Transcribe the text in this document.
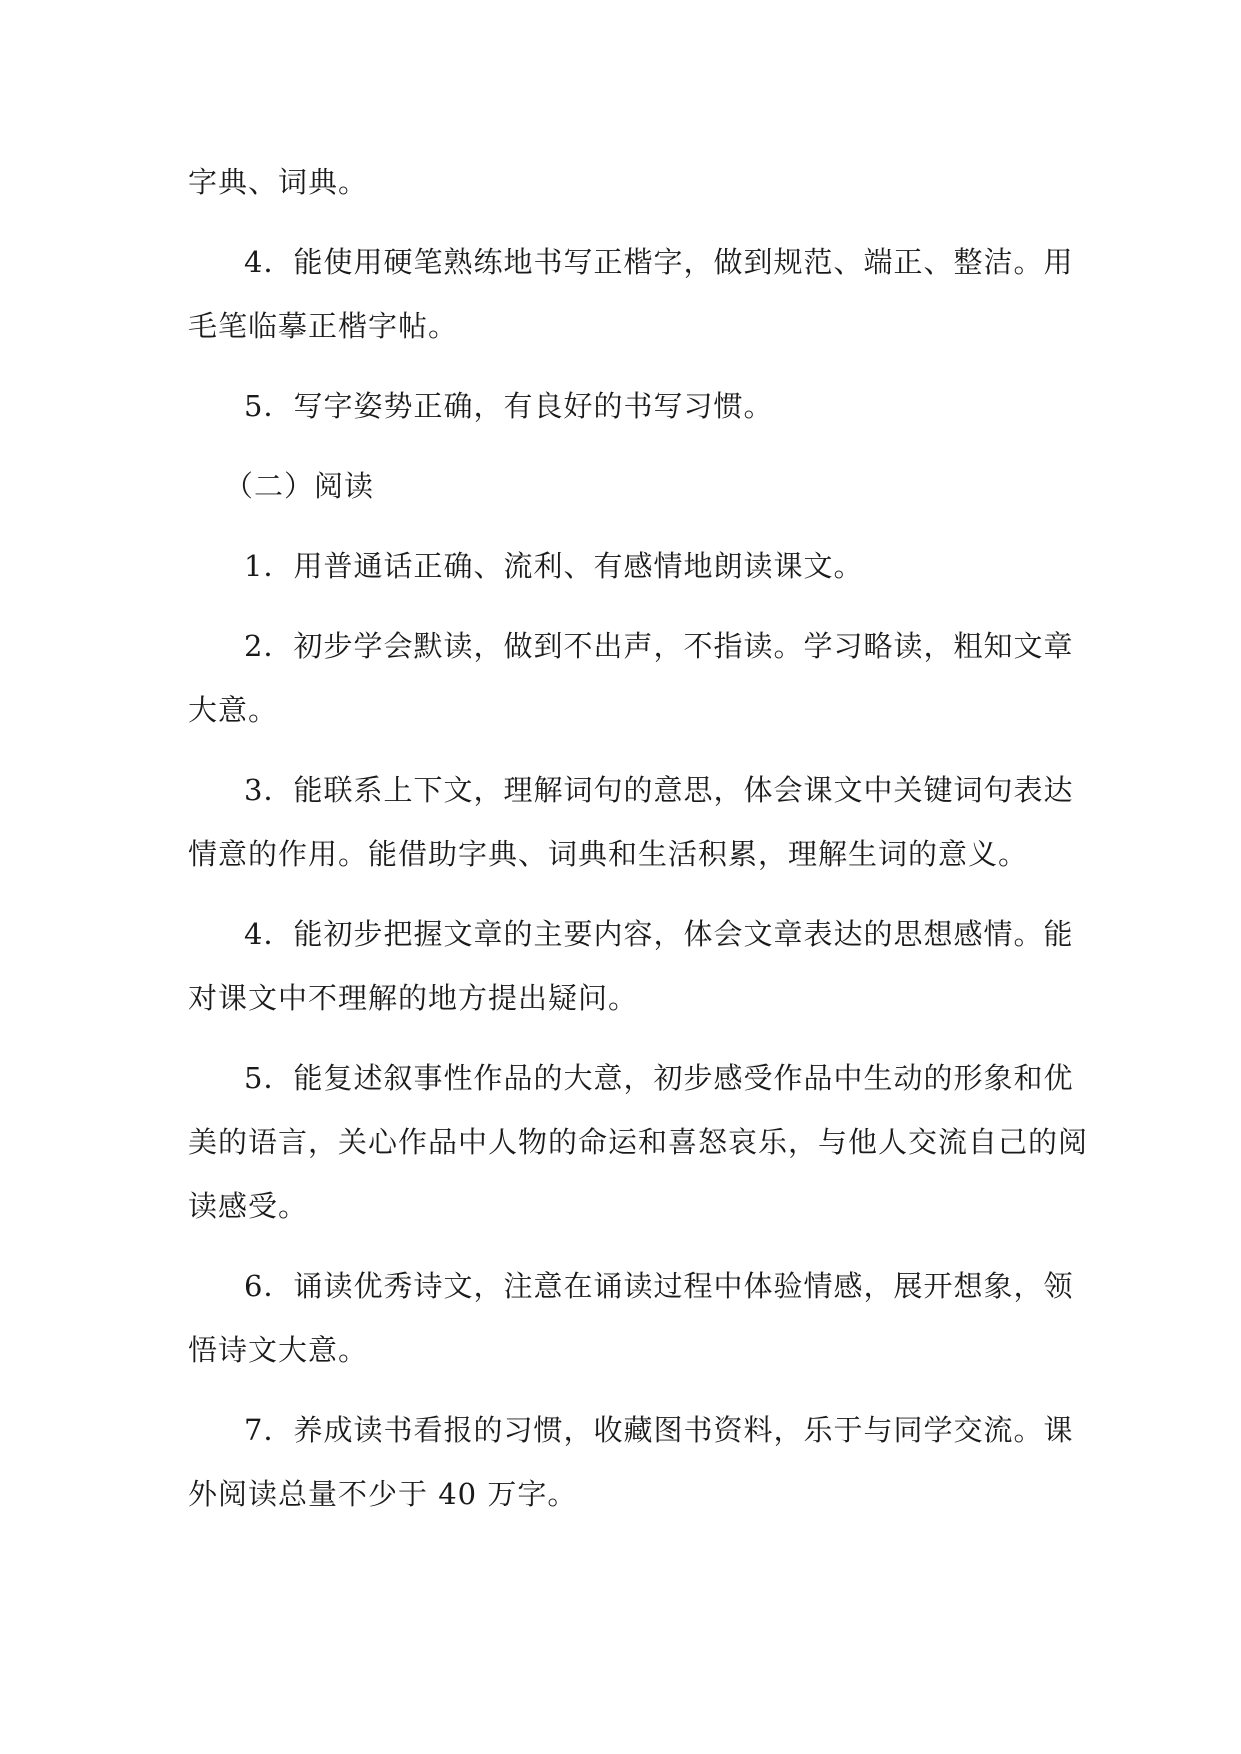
字典、词典。
4．能使用硬笔熟练地书写正楷字，做到规范、端正、整洁。用
毛笔临摹正楷字帖。
5．写字姿势正确，有良好的书写习惯。
（二）阅读
1．用普通话正确、流利、有感情地朗读课文。
2．初步学会默读，做到不出声，不指读。学习略读，粗知文章
大意。
3．能联系上下文，理解词句的意思，体会课文中关键词句表达
情意的作用。能借助字典、词典和生活积累，理解生词的意义。
4．能初步把握文章的主要内容，体会文章表达的思想感情。能
对课文中不理解的地方提出疑问。
5．能复述叙事性作品的大意，初步感受作品中生动的形象和优
美的语言，关心作品中人物的命运和喜怒哀乐，与他人交流自己的阅
读感受。
6．诵读优秀诗文，注意在诵读过程中体验情感，展开想象，领
悟诗文大意。
7．养成读书看报的习惯，收藏图书资料，乐于与同学交流。课
外阅读总量不少于 40 万字。
